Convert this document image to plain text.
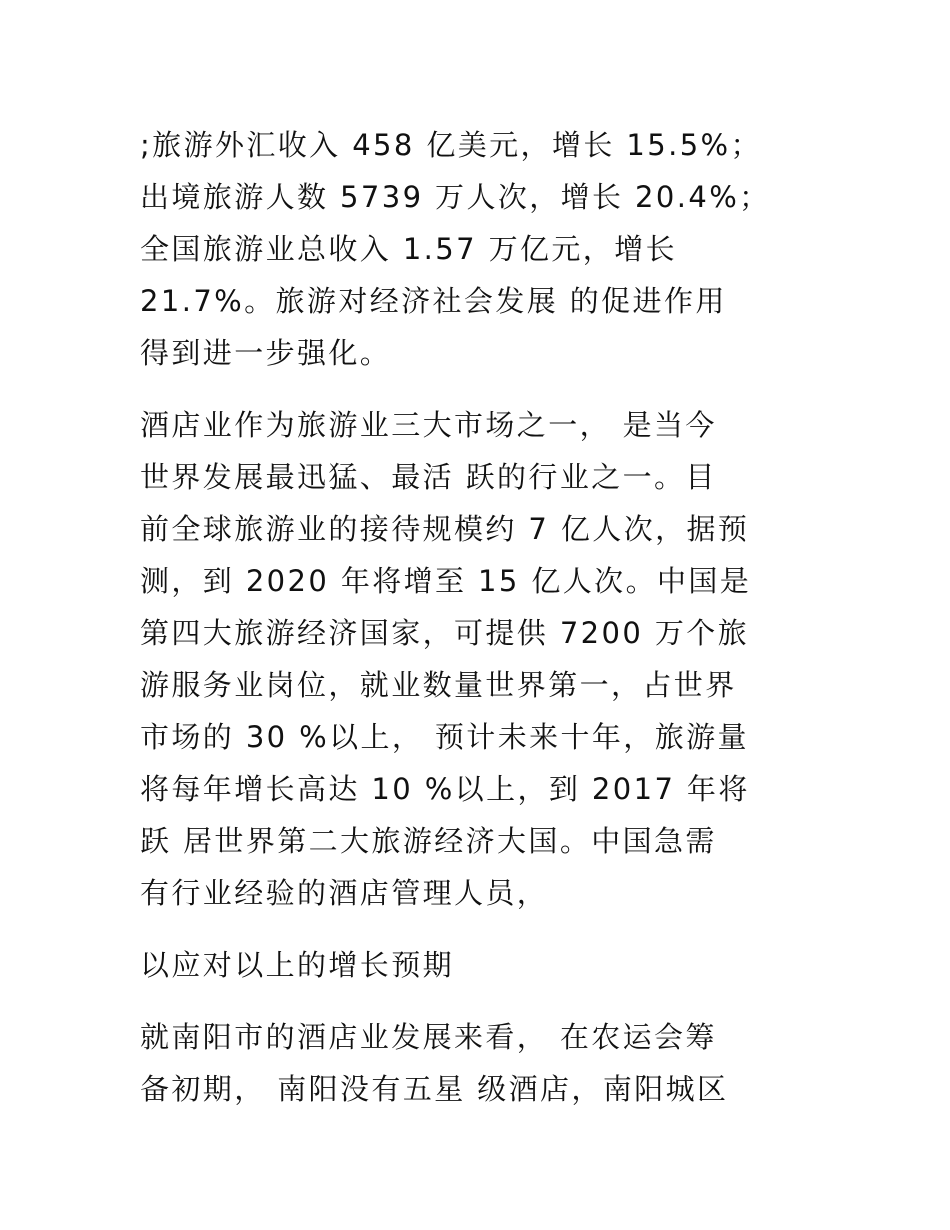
;旅游外汇收入 458 亿美元，增长 15.5%；
出境旅游人数 5739 万人次，增长 20.4%；
全国旅游业总收入 1.57 万亿元，增长
21.7%。旅游对经济社会发展 的促进作用
得到进一步强化。
酒店业作为旅游业三大市场之一， 是当今
世界发展最迅猛、最活 跃的行业之一。目
前全球旅游业的接待规模约 7 亿人次，据预
测，到 2020 年将增至 15 亿人次。中国是
第四大旅游经济国家，可提供 7200 万个旅
游服务业岗位，就业数量世界第一，占世界
市场的 30 %以上， 预计未来十年，旅游量
将每年增长高达 10 %以上，到 2017 年将
跃 居世界第二大旅游经济大国。中国急需
有行业经验的酒店管理人员，
以应对以上的增长预期
就南阳市的酒店业发展来看， 在农运会筹
备初期， 南阳没有五星 级酒店，南阳城区
